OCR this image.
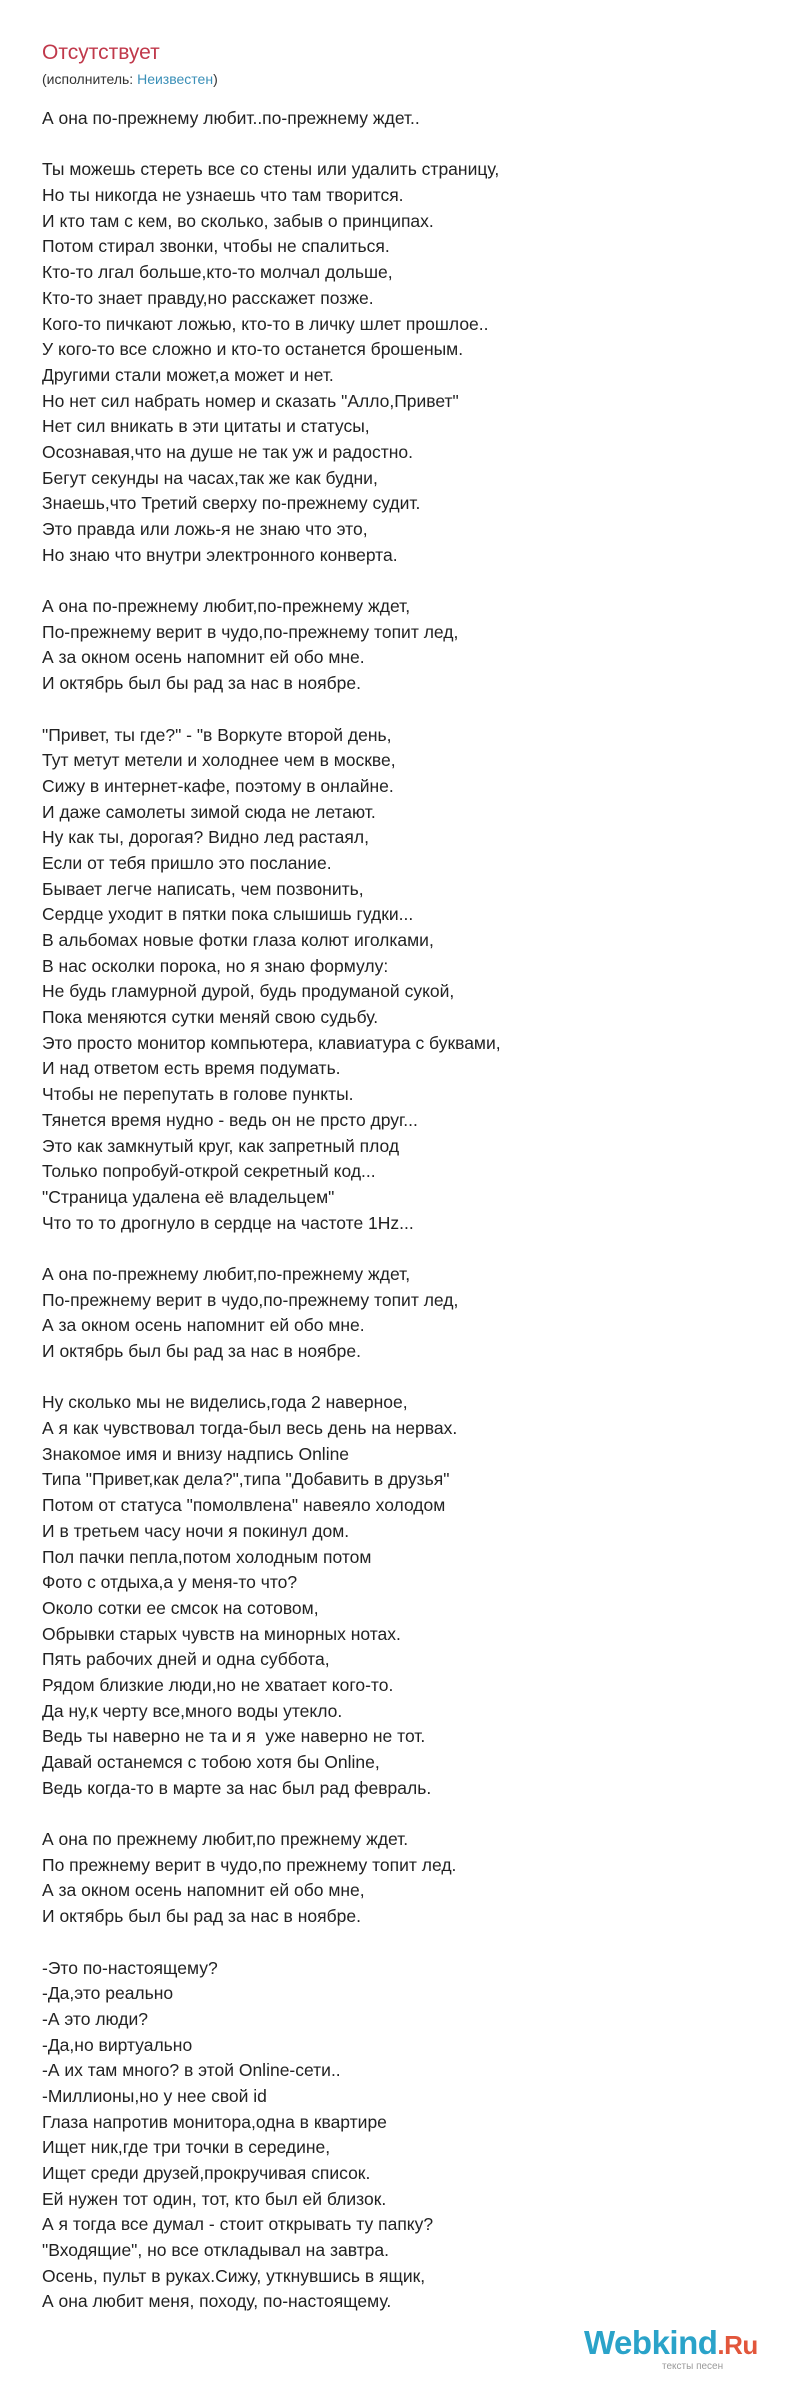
Отсутствует
(исполнитель: Неизвестен)
А она по-прежнему любит..по-прежнему ждет..
Ты можешь стереть все со стены или удалить страницу,
Но ты никогда не узнаешь что там творится.
И кто там с кем, во сколько, забыв о принципах.
Потом стирал звонки, чтобы не спалиться.
Кто-то лгал больше,кто-то молчал дольше,
Кто-то знает правду,но расскажет позже.
Кого-то пичкают ложью, кто-то в личку шлет прошлое..
У кого-то все сложно и кто-то останется брошеным.
Другими стали может,а может и нет.
Но нет сил набрать номер и сказать "Алло,Привет"
Нет сил вникать в эти цитаты и статусы,
Осознавая,что на душе не так уж и радостно.
Бегут секунды на часах,так же как будни,
Знаешь,что Третий сверху по-прежнему судит.
Это правда или ложь-я не знаю что это,
Но знаю что внутри электронного конверта.
А она по-прежнему любит,по-прежнему ждет,
По-прежнему верит в чудо,по-прежнему топит лед,
А за окном осень напомнит ей обо мне.
И октябрь был бы рад за нас в ноябре.
"Привет, ты где?" - "в Воркуте второй день,
Тут метут метели и холоднее чем в москве,
Сижу в интернет-кафе, поэтому в онлайне.
И даже самолеты зимой сюда не летают.
Ну как ты, дорогая? Видно лед растаял,
Если от тебя пришло это послание.
Бывает легче написать, чем позвонить,
Сердце уходит в пятки пока слышишь гудки...
В альбомах новые фотки глаза колют иголками,
В нас осколки порока, но я знаю формулу:
Не будь гламурной дурой, будь продуманой сукой,
Пока меняются сутки меняй свою судьбу.
Это просто монитор компьютера, клавиатура с буквами,
И над ответом есть время подумать.
Чтобы не перепутать в голове пункты.
Тянется время нудно - ведь он не прсто друг...
Это как замкнутый круг, как запретный плод
Только попробуй-открой секретный код...
"Страница удалена её владельцем"
Что то то дрогнуло в сердце на частоте 1Hz...
А она по-прежнему любит,по-прежнему ждет,
По-прежнему верит в чудо,по-прежнему топит лед,
А за окном осень напомнит ей обо мне.
И октябрь был бы рад за нас в ноябре.
Ну сколько мы не виделись,года 2 наверное,
А я как чувствовал тогда-был весь день на нервах.
Знакомое имя и внизу надпись Online
Типа "Привет,как дела?",типа "Добавить в друзья"
Потом от статуса "помолвлена" навеяло холодом
И в третьем часу ночи я покинул дом.
Пол пачки пепла,потом холодным потом
Фото с отдыха,а у меня-то что?
Около сотки ее смсок на сотовом,
Обрывки старых чувств на минорных нотах.
Пять рабочих дней и одна суббота,
Рядом близкие люди,но не хватает кого-то.
Да ну,к черту все,много воды утекло.
Ведь ты наверно не та и я  уже наверно не тот.
Давай останемся с тобою хотя бы Online,
Ведь когда-то в марте за нас был рад февраль.
А она по прежнему любит,по прежнему ждет.
По прежнему верит в чудо,по прежнему топит лед.
А за окном осень напомнит ей обо мне,
И октябрь был бы рад за нас в ноябре.
-Это по-настоящему?
-Да,это реально
-А это люди?
-Да,но виртуально
-А их там много? в этой Online-сети..
-Миллионы,но у нее свой id
Глаза напротив монитора,одна в квартире
Ищет ник,где три точки в середине,
Ищет среди друзей,прокручивая список.
Ей нужен тот один, тот, кто был ей близок.
А я тогда все думал - стоит открывать ту папку?
"Входящие", но все откладывал на завтра.
Осень, пульт в руках.Сижу, уткнувшись в ящик,
А она любит меня, походу, по-настоящему.
Webkind.Ru
тексты песен
